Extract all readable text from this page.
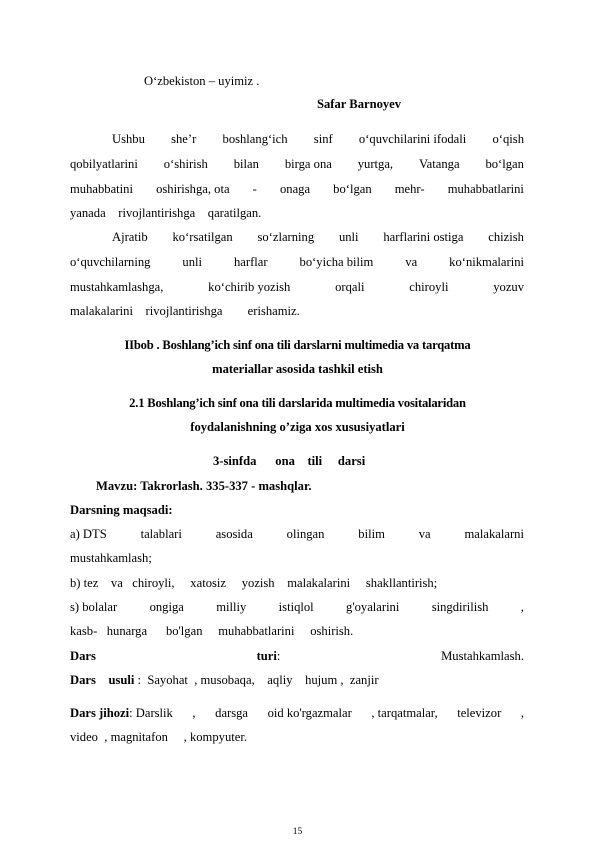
O‘zbekiston – uyimiz .
Safar Barnoyev
Ushbu she’r boshlang‘ich sinf o‘quvchilarini ifodali o‘qish
qobilyatlarini o‘shirish bilan birga ona yurtga, Vatanga bo‘lgan
muhabbatini oshirishga, ota - onaga bo‘lgan mehr- muhabbatlarini
yanada    rivojlantirishga    qaratilgan.
Ajratib ko‘rsatilgan so‘zlarning unli harflarini ostiga chizish
o‘quvchilarning	unli	harflar	bo‘yicha bilim	va	ko‘nikmalarini
mustahkamlashga,	ko‘chirib yozish	orqali	chiroyli	yozuv
malakalarini    rivojlantirishga        erishamiz.
IIbob . Boshlang’ich sinf ona tili darslarni multimedia va tarqatma
materiallar asosida tashkil etish
2.1 Boshlang’ich sinf ona tili darslarida multimedia vositalaridan
foydalanishning o’ziga xos xususiyatlari
3-sinfda      ona    tili     darsi
Mavzu: Takrorlash. 335-337 - mashqlar.
Darsning maqsadi:
a) DTS	talablari	asosida	olingan	bilim	va	malakalarni
mustahkamlash;
b) tez    va   chiroyli,     xatosiz     yozish    malakalarini     shakllantirish;
s) bolalar	ongiga	milliy	istiqlol	g'oyalarini	singdirilish	,
kasb-   hunarga      bo'lgan     muhabbatlarini     oshirish.
Dars	turi:	Mustahkamlash.
Dars    usuli :  Sayohat  , musobaqa,    aqliy    hujum ,  zanjir
Dars jihozi: Darslik , darsga oid ko'rgazmalar , tarqatmalar, televizor ,
video  , magnitafon     , kompyuter.
15
